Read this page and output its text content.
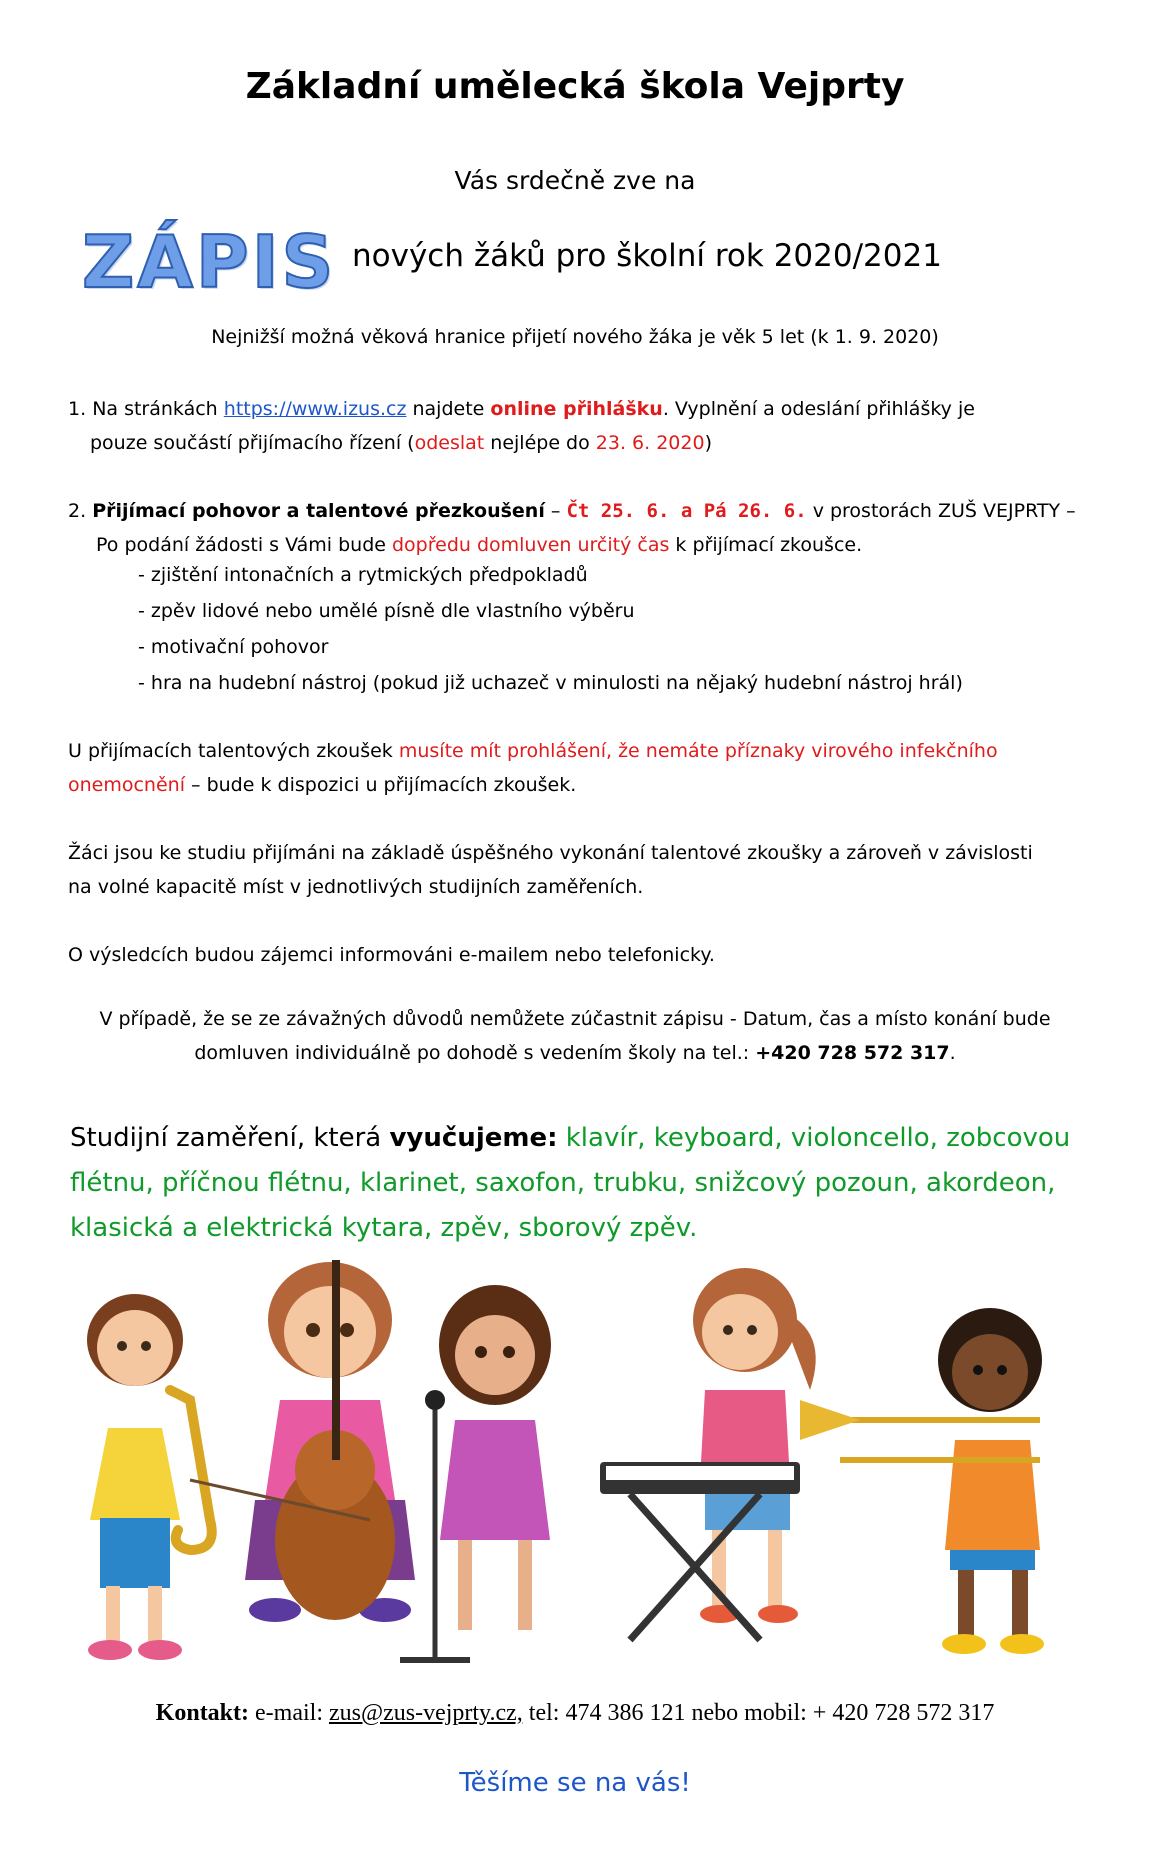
Základní umělecká škola Vejprty
Vás srdečně zve na
ZÁPIS nových žáků pro školní rok 2020/2021
Nejnižší možná věková hranice přijetí nového žáka je věk 5 let (k 1. 9. 2020)
1. Na stránkách https://www.izus.cz najdete online přihlášku. Vyplnění a odeslání přihlášky je
pouze součástí přijímacího řízení (odeslat nejlépe do 23. 6. 2020)
2. Přijímací pohovor a talentové přezkoušení – Čt 25. 6. a Pá 26. 6. v prostorách ZUŠ VEJPRTY –
Po podání žádosti s Vámi bude dopředu domluven určitý čas k přijímací zkoušce.
- zjištění intonačních a rytmických předpokladů
- zpěv lidové nebo umělé písně dle vlastního výběru
- motivační pohovor
- hra na hudební nástroj (pokud již uchazeč v minulosti na nějaký hudební nástroj hrál)
U přijímacích talentových zkoušek musíte mít prohlášení, že nemáte příznaky virového infekčního
onemocnění – bude k dispozici u přijímacích zkoušek.
Žáci jsou ke studiu přijímáni na základě úspěšného vykonání talentové zkoušky a zároveň v závislosti
na volné kapacitě míst v jednotlivých studijních zaměřeních.
O výsledcích budou zájemci informováni e-mailem nebo telefonicky.
V případě, že se ze závažných důvodů nemůžete zúčastnit zápisu - Datum, čas a místo konání bude
domluven individuálně po dohodě s vedením školy na tel.: +420 728 572 317.
Studijní zaměření, která vyučujeme: klavír, keyboard, violoncello, zobcovou
flétnu, příčnou flétnu, klarinet, saxofon, trubku, snižcový pozoun, akordeon,
klasická a elektrická kytara, zpěv, sborový zpěv.
Kontakt: e-mail: zus@zus-vejprty.cz, tel: 474 386 121 nebo mobil: + 420 728 572 317
Těšíme se na vás!
